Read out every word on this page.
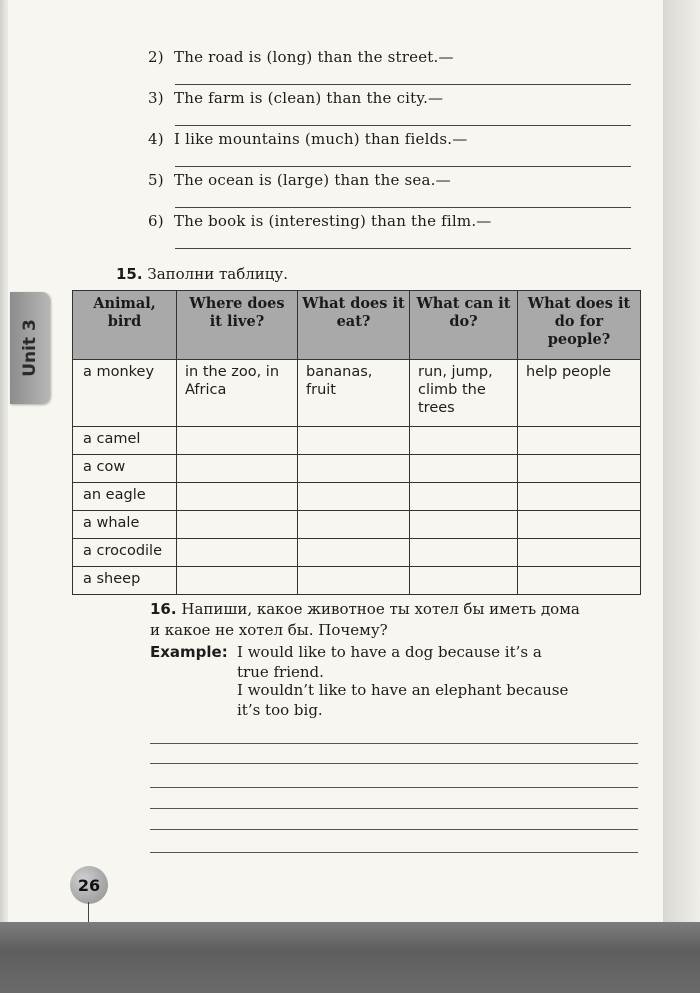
2) The road is (long) than the street.—
3) The farm is (clean) than the city.—
4) I like mountains (much) than fields.—
5) The ocean is (large) than the sea.—
6) The book is (interesting) than the film.—
Unit 3
15. Заполни таблицу.
Animal, bird	Where does it live?	What does it eat?	What can it do?	What does it do for people?
a monkey	in the zoo, in Africa	bananas, fruit	run, jump, climb the trees	help people
a camel				
a cow				
an eagle				
a whale				
a crocodile				
a sheep				
16. Напиши, какое животное ты хотел бы иметь дома
и какое не хотел бы. Почему?
Example: I would like to have a dog because it’s a
true friend.
I wouldn’t like to have an elephant because
it’s too big.
26
